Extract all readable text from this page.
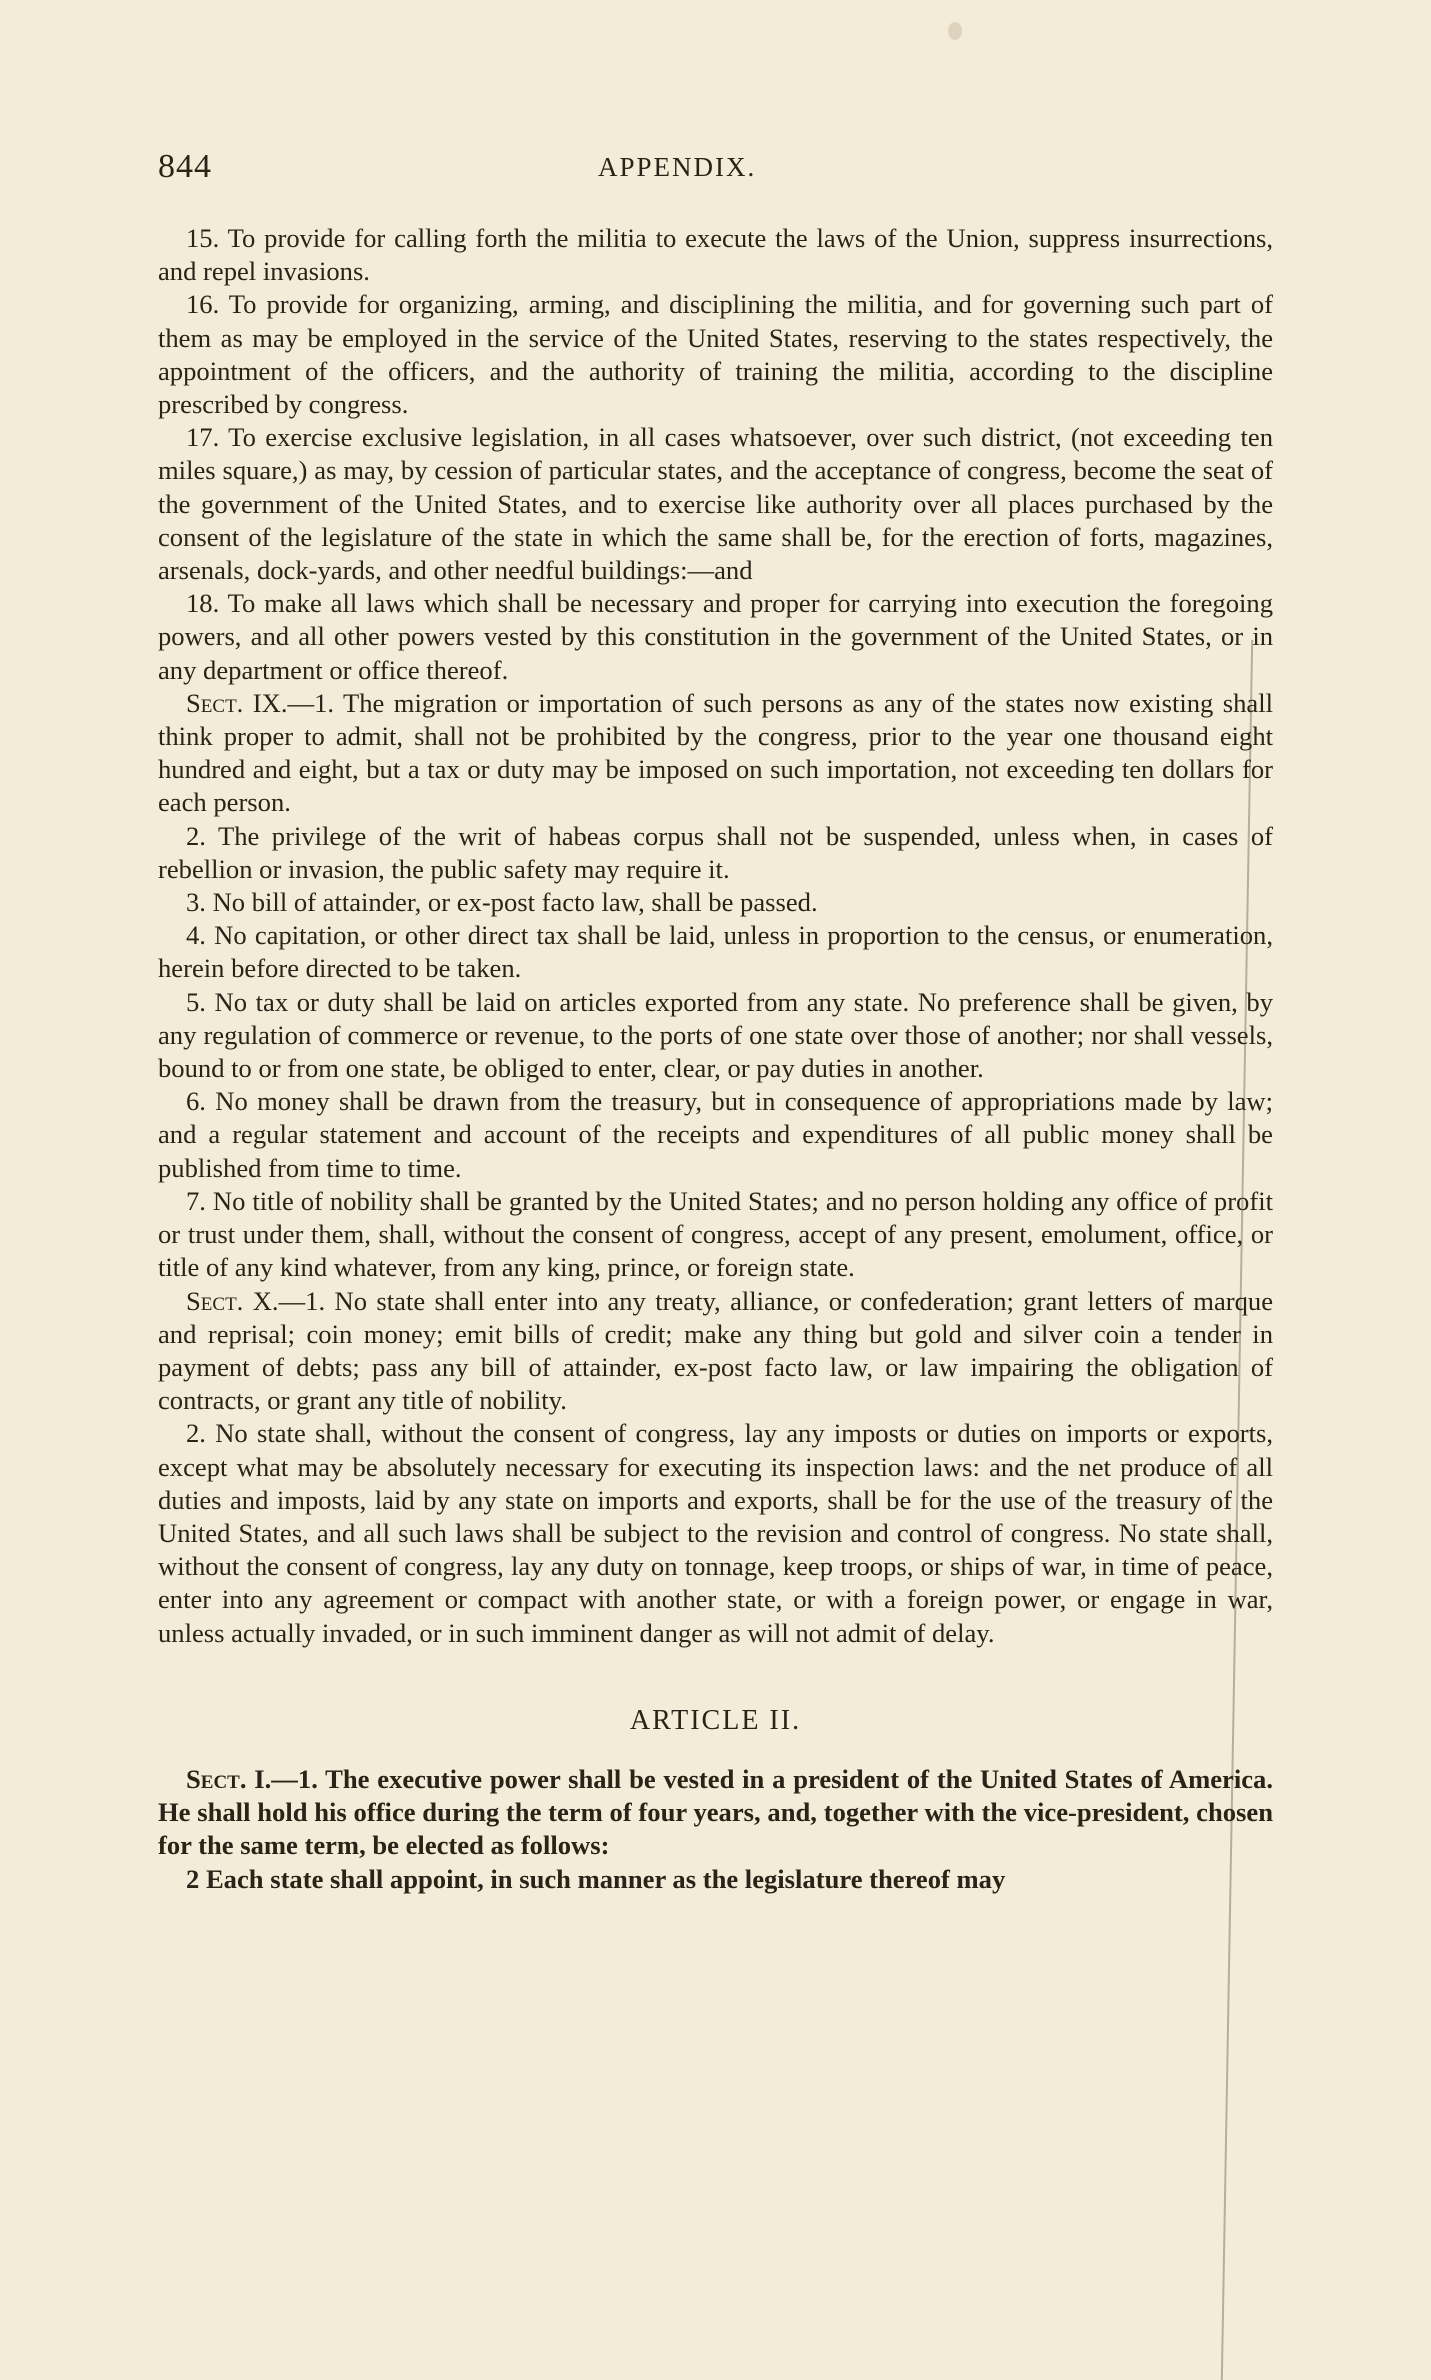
844	APPENDIX.

15. To provide for calling forth the militia to execute the laws of the Union, suppress insurrections, and repel invasions.

16. To provide for organizing, arming, and disciplining the militia, and for governing such part of them as may be employed in the service of the United States, reserving to the states respectively, the appointment of the officers, and the authority of training the militia, according to the discipline prescribed by congress.

17. To exercise exclusive legislation, in all cases whatsoever, over such district, (not exceeding ten miles square,) as may, by cession of particular states, and the acceptance of congress, become the seat of the government of the United States, and to exercise like authority over all places purchased by the consent of the legislature of the state in which the same shall be, for the erection of forts, magazines, arsenals, dock-yards, and other needful buildings:—and

18. To make all laws which shall be necessary and proper for carrying into execution the foregoing powers, and all other powers vested by this constitution in the government of the United States, or in any department or office thereof.

Sect. IX.—1. The migration or importation of such persons as any of the states now existing shall think proper to admit, shall not be prohibited by the congress, prior to the year one thousand eight hundred and eight, but a tax or duty may be imposed on such importation, not exceeding ten dollars for each person.

2. The privilege of the writ of habeas corpus shall not be suspended, unless when, in cases of rebellion or invasion, the public safety may require it.

3. No bill of attainder, or ex-post facto law, shall be passed.

4. No capitation, or other direct tax shall be laid, unless in proportion to the census, or enumeration, herein before directed to be taken.

5. No tax or duty shall be laid on articles exported from any state. No preference shall be given, by any regulation of commerce or revenue, to the ports of one state over those of another; nor shall vessels, bound to or from one state, be obliged to enter, clear, or pay duties in another.

6. No money shall be drawn from the treasury, but in consequence of appropriations made by law; and a regular statement and account of the receipts and expenditures of all public money shall be published from time to time.

7. No title of nobility shall be granted by the United States; and no person holding any office of profit or trust under them, shall, without the consent of congress, accept of any present, emolument, office, or title of any kind whatever, from any king, prince, or foreign state.

Sect. X.—1. No state shall enter into any treaty, alliance, or confederation; grant letters of marque and reprisal; coin money; emit bills of credit; make any thing but gold and silver coin a tender in payment of debts; pass any bill of attainder, ex-post facto law, or law impairing the obligation of contracts, or grant any title of nobility.

2. No state shall, without the consent of congress, lay any imposts or duties on imports or exports, except what may be absolutely necessary for executing its inspection laws: and the net produce of all duties and imposts, laid by any state on imports and exports, shall be for the use of the treasury of the United States, and all such laws shall be subject to the revision and control of congress. No state shall, without the consent of congress, lay any duty on tonnage, keep troops, or ships of war, in time of peace, enter into any agreement or compact with another state, or with a foreign power, or engage in war, unless actually invaded, or in such imminent danger as will not admit of delay.

ARTICLE II.

Sect. I.—1. The executive power shall be vested in a president of the United States of America. He shall hold his office during the term of four years, and, together with the vice-president, chosen for the same term, be elected as follows:

2 Each state shall appoint, in such manner as the legislature thereof may
